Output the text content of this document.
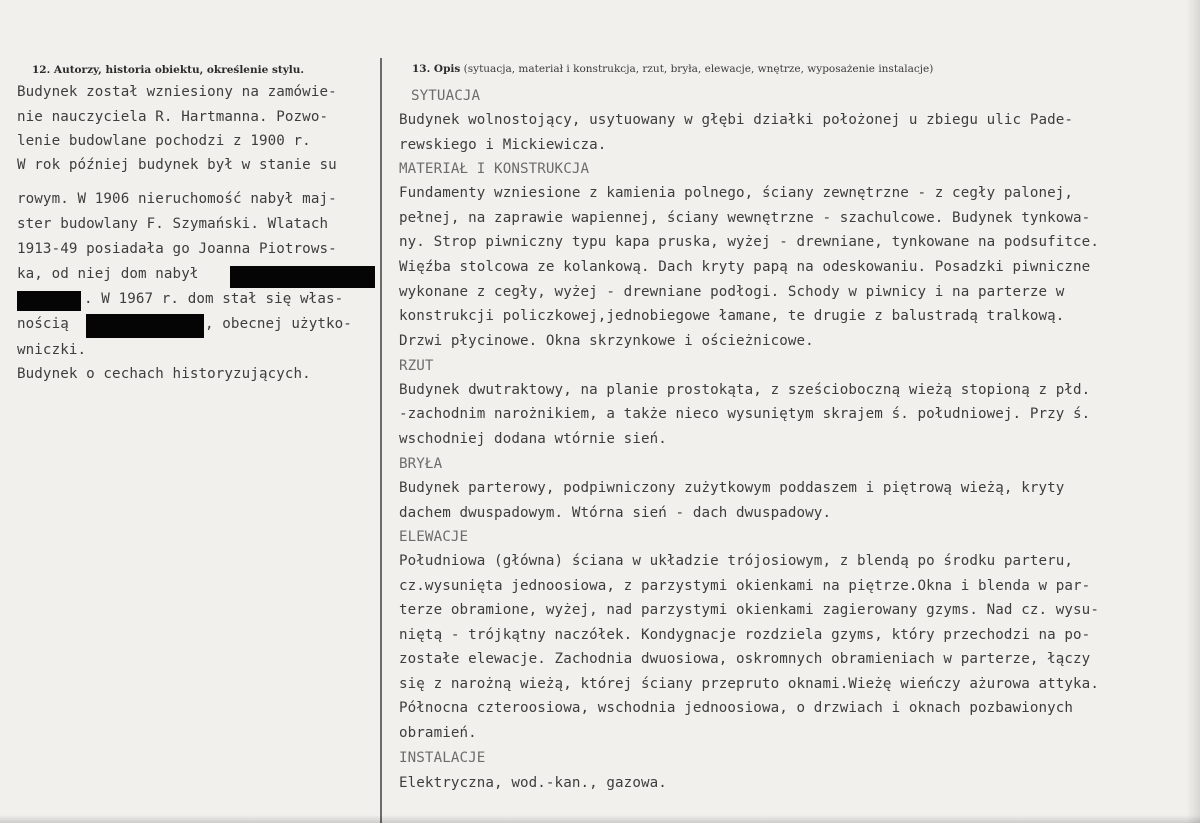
12. Autorzy, historia obiektu, określenie stylu.	13. Opis (sytuacja, materiał i konstrukcja, rzut, bryła, elewacje, wnętrze, wyposażenie instalacje)
Budynek został wzniesiony na zamówie-
nie nauczyciela R. Hartmanna. Pozwo-
lenie budowlane pochodzi z 1900 r.
W rok później budynek był w stanie su
rowym. W 1906 nieruchomość nabył maj-
ster budowlany F. Szymański. Wlatach
1913-49 posiadała go Joanna Piotrows-
ka, od niej dom nabył
. W 1967 r. dom stał się włas-
nością	, obecnej użytko-
wniczki.
Budynek o cechach historyzujących.
SYTUACJA
Budynek wolnostojący, usytuowany w głębi działki położonej u zbiegu ulic Pade-
rewskiego i Mickiewicza.
MATERIAŁ I KONSTRUKCJA
Fundamenty wzniesione z kamienia polnego, ściany zewnętrzne - z cegły palonej,
pełnej, na zaprawie wapiennej, ściany wewnętrzne - szachulcowe. Budynek tynkowa-
ny. Strop piwniczny typu kapa pruska, wyżej - drewniane, tynkowane na podsufitce.
Więźba stolcowa ze kolankową. Dach kryty papą na odeskowaniu. Posadzki piwniczne
wykonane z cegły, wyżej - drewniane podłogi. Schody w piwnicy i na parterze w
konstrukcji policzkowej,jednobiegowe łamane, te drugie z balustradą tralkową.
Drzwi płycinowe. Okna skrzynkowe i ościeżnicowe.
RZUT
Budynek dwutraktowy, na planie prostokąta, z sześcioboczną wieżą stopioną z płd.
-zachodnim narożnikiem, a także nieco wysuniętym skrajem ś. południowej. Przy ś.
wschodniej dodana wtórnie sień.
BRYŁA
Budynek parterowy, podpiwniczony zużytkowym poddaszem i piętrową wieżą, kryty
dachem dwuspadowym. Wtórna sień - dach dwuspadowy.
ELEWACJE
Południowa (główna) ściana w układzie trójosiowym, z blendą po środku parteru,
cz.wysunięta jednoosiowa, z parzystymi okienkami na piętrze.Okna i blenda w par-
terze obramione, wyżej, nad parzystymi okienkami zagierowany gzyms. Nad cz. wysu-
niętą - trójkątny naczółek. Kondygnacje rozdziela gzyms, który przechodzi na po-
zostałe elewacje. Zachodnia dwuosiowa, oskromnych obramieniach w parterze, łączy
się z narożną wieżą, której ściany przepruto oknami.Wieżę wieńczy ażurowa attyka.
Północna czteroosiowa, wschodnia jednoosiowa, o drzwiach i oknach pozbawionych
obramień.
INSTALACJE
Elektryczna, wod.-kan., gazowa.
